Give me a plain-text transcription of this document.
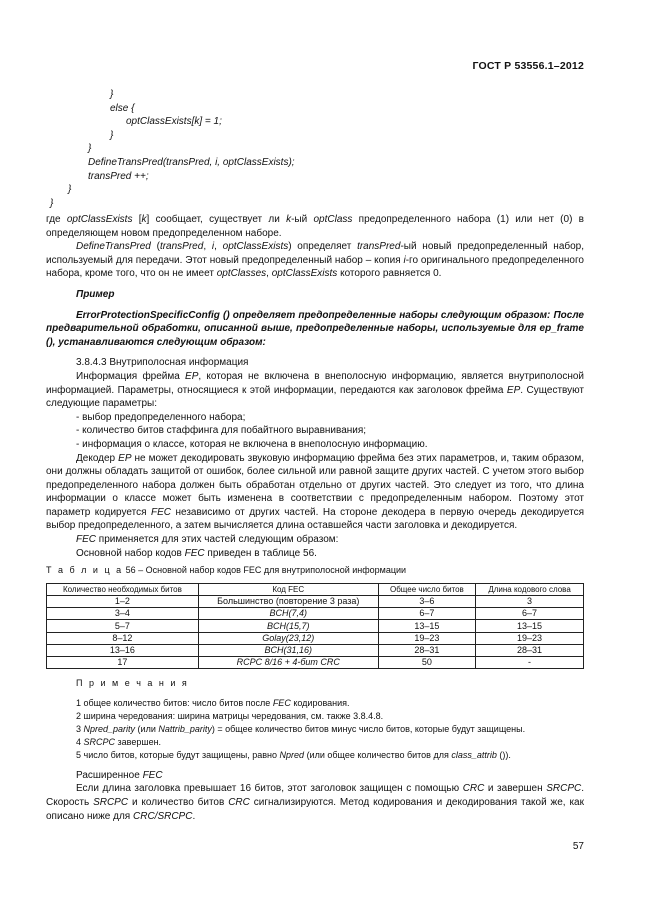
ГОСТ Р 53556.1–2012
}
else {
optClassExists[k] = 1;
}
}
DefineTransPred(transPred, i, optClassExists);
transPred ++;
}
}

где optClassExists [k] сообщает, существует ли k-ый optClass предопределенного набора (1) или нет (0) в определяющем новом предопределенном наборе.

DefineTransPred (transPred, i, optClassExists) определяет transPred-ый новый предопределенный набор, используемый для передачи. Этот новый предопределенный набор – копия i-го оригинального предопределенного набора, кроме того, что он не имеет optClasses, optClassExists которого равняется 0.

Пример

ErrorProtectionSpecificConfig () определяет предопределенные наборы следующим образом: После предварительной обработки, описанной выше, предопределенные наборы, используемые для ep_frame (), устанавливаются следующим образом:

3.8.4.3 Внутриполосная информация

Информация фрейма EP, которая не включена в внеполосную информацию, является внутриполосной информацией. Параметры, относящиеся к этой информации, передаются как заголовок фрейма EP. Существуют следующие параметры:

- выбор предопределенного набора;
- количество битов стаффинга для побайтного выравнивания;
- информация о классе, которая не включена в внеполосную информацию.

Декодер EP не может декодировать звуковую информацию фрейма без этих параметров, и, таким образом, они должны обладать защитой от ошибок, более сильной или равной защите других частей. С учетом этого выбор предопределенного набора должен быть обработан отдельно от других частей. Это следует из того, что длина информации о классе может быть изменена в соответствии с предопределенным набором. Поэтому этот параметр кодируется FEC независимо от других частей. На стороне декодера в первую очередь декодируется выбор предопределенного, а затем вычисляется длина оставшейся части заголовка и декодируется.

FEC применяется для этих частей следующим образом:

Основной набор кодов FEC приведен в таблице 56.

Т а б л и ц а 56 – Основной набор кодов FEC для внутриполосной информации

Количество необходимых битов	Код FEC	Общее число битов	Длина кодового слова
1–2	Большинство (повторение 3 раза)	3–6	3
3–4	BCH(7,4)	6–7	6–7
5–7	BCH(15,7)	13–15	13–15
8–12	Golay(23,12)	19–23	19–23
13–16	BCH(31,16)	28–31	28–31
17	RCPC 8/16 + 4-бит CRC	50	-
П р и м е ч а н и я
1 общее количество битов: число битов после FEC кодирования.
2 ширина чередования: ширина матрицы чередования, см. также 3.8.4.8.
3 Npred_parity (или Nattrib_parity) = общее количество битов минус число битов, которые будут защищены.
4 SRCPC завершен.
5 число битов, которые будут защищены, равно Npred (или общее количество битов для class_attrib ()).

Расширенное FEC

Если длина заголовка превышает 16 битов, этот заголовок защищен с помощью CRC и завершен SRCPC. Скорость SRCPC и количество битов CRC сигнализируются. Метод кодирования и декодирования такой же, как описано ниже для CRC/SRCPC.

57
